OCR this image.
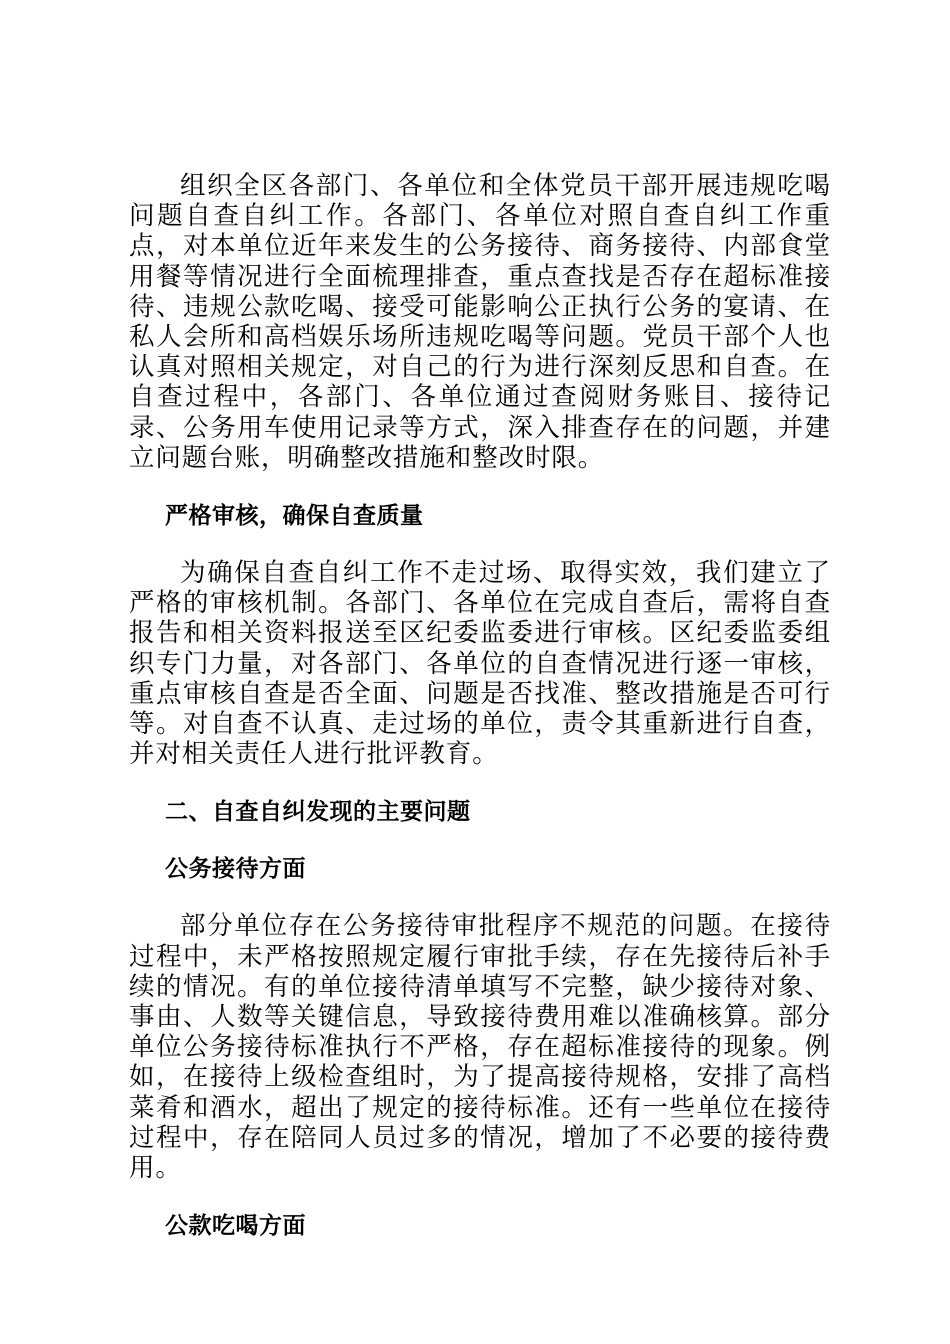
组织全区各部门、各单位和全体党员干部开展违规吃喝问题自查自纠工作。各部门、各单位对照自查自纠工作重点，对本单位近年来发生的公务接待、商务接待、内部食堂用餐等情况进行全面梳理排查，重点查找是否存在超标准接待、违规公款吃喝、接受可能影响公正执行公务的宴请、在私人会所和高档娱乐场所违规吃喝等问题。党员干部个人也认真对照相关规定，对自己的行为进行深刻反思和自查。在自查过程中，各部门、各单位通过查阅财务账目、接待记录、公务用车使用记录等方式，深入排查存在的问题，并建立问题台账，明确整改措施和整改时限。

严格审核，确保自查质量

为确保自查自纠工作不走过场、取得实效，我们建立了严格的审核机制。各部门、各单位在完成自查后，需将自查报告和相关资料报送至区纪委监委进行审核。区纪委监委组织专门力量，对各部门、各单位的自查情况进行逐一审核，重点审核自查是否全面、问题是否找准、整改措施是否可行等。对自查不认真、走过场的单位，责令其重新进行自查，并对相关责任人进行批评教育。

二、自查自纠发现的主要问题
公务接待方面

部分单位存在公务接待审批程序不规范的问题。在接待过程中，未严格按照规定履行审批手续，存在先接待后补手续的情况。有的单位接待清单填写不完整，缺少接待对象、事由、人数等关键信息，导致接待费用难以准确核算。部分单位公务接待标准执行不严格，存在超标准接待的现象。例如，在接待上级检查组时，为了提高接待规格，安排了高档菜肴和酒水，超出了规定的接待标准。还有一些单位在接待过程中，存在陪同人员过多的情况，增加了不必要的接待费用。

公款吃喝方面
